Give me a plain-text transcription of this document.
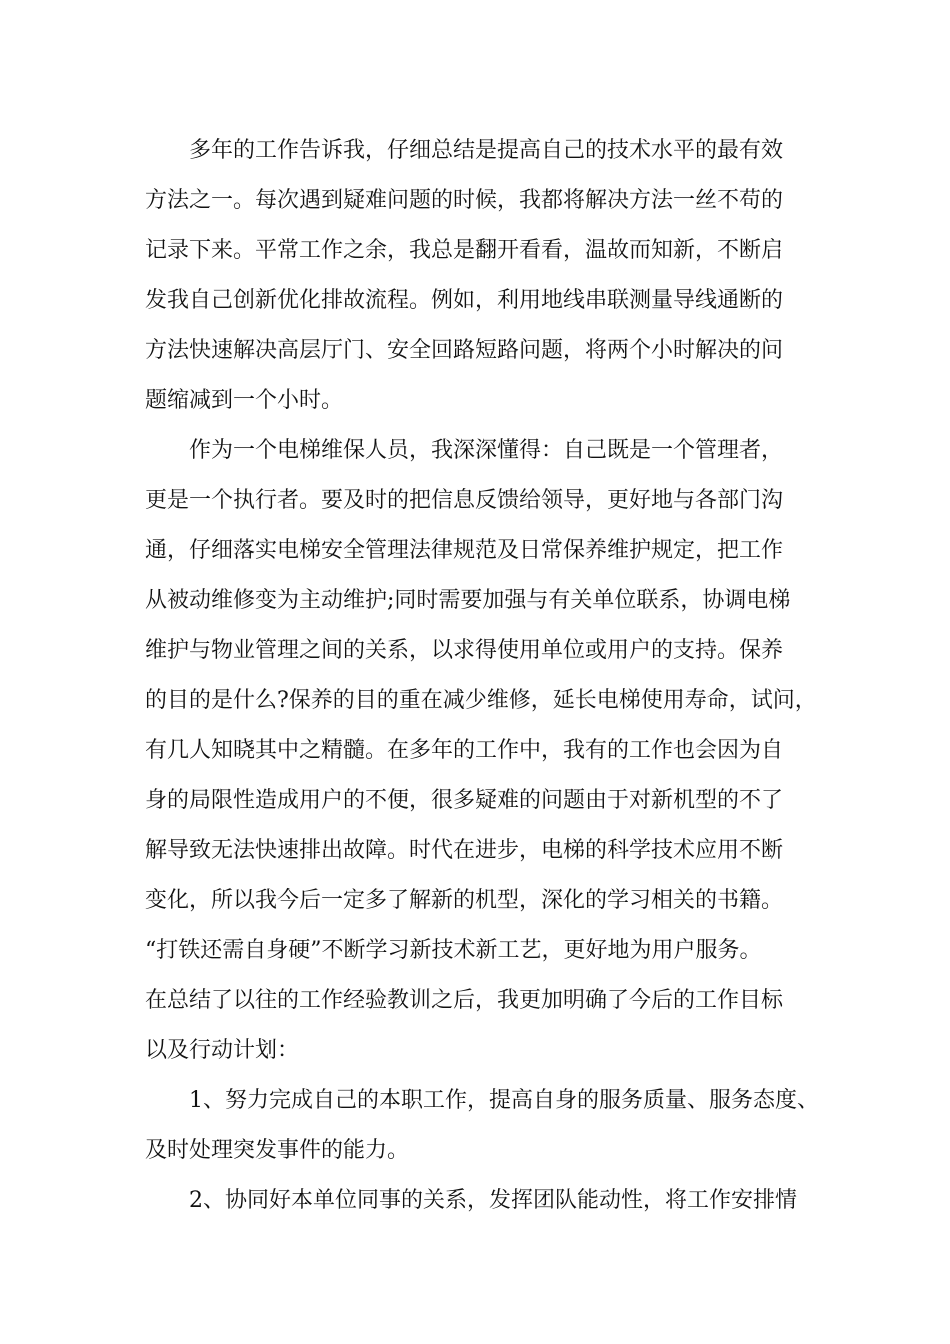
多年的工作告诉我，仔细总结是提高自己的技术水平的最有效
方法之一。每次遇到疑难问题的时候，我都将解决方法一丝不苟的
记录下来。平常工作之余，我总是翻开看看，温故而知新，不断启
发我自己创新优化排故流程。例如，利用地线串联测量导线通断的
方法快速解决高层厅门、安全回路短路问题，将两个小时解决的问
题缩减到一个小时。

作为一个电梯维保人员，我深深懂得：自己既是一个管理者，
更是一个执行者。要及时的把信息反馈给领导，更好地与各部门沟
通，仔细落实电梯安全管理法律规范及日常保养维护规定，把工作
从被动维修变为主动维护;同时需要加强与有关单位联系，协调电梯
维护与物业管理之间的关系，以求得使用单位或用户的支持。保养
的目的是什么?保养的目的重在减少维修，延长电梯使用寿命，试问，
有几人知晓其中之精髓。在多年的工作中，我有的工作也会因为自
身的局限性造成用户的不便，很多疑难的问题由于对新机型的不了
解导致无法快速排出故障。时代在进步，电梯的科学技术应用不断
变化，所以我今后一定多了解新的机型，深化的学习相关的书籍。
“打铁还需自身硬”不断学习新技术新工艺，更好地为用户服务。
在总结了以往的工作经验教训之后，我更加明确了今后的工作目标
以及行动计划：

1、努力完成自己的本职工作，提高自身的服务质量、服务态度、
及时处理突发事件的能力。

2、协同好本单位同事的关系，发挥团队能动性，将工作安排情
